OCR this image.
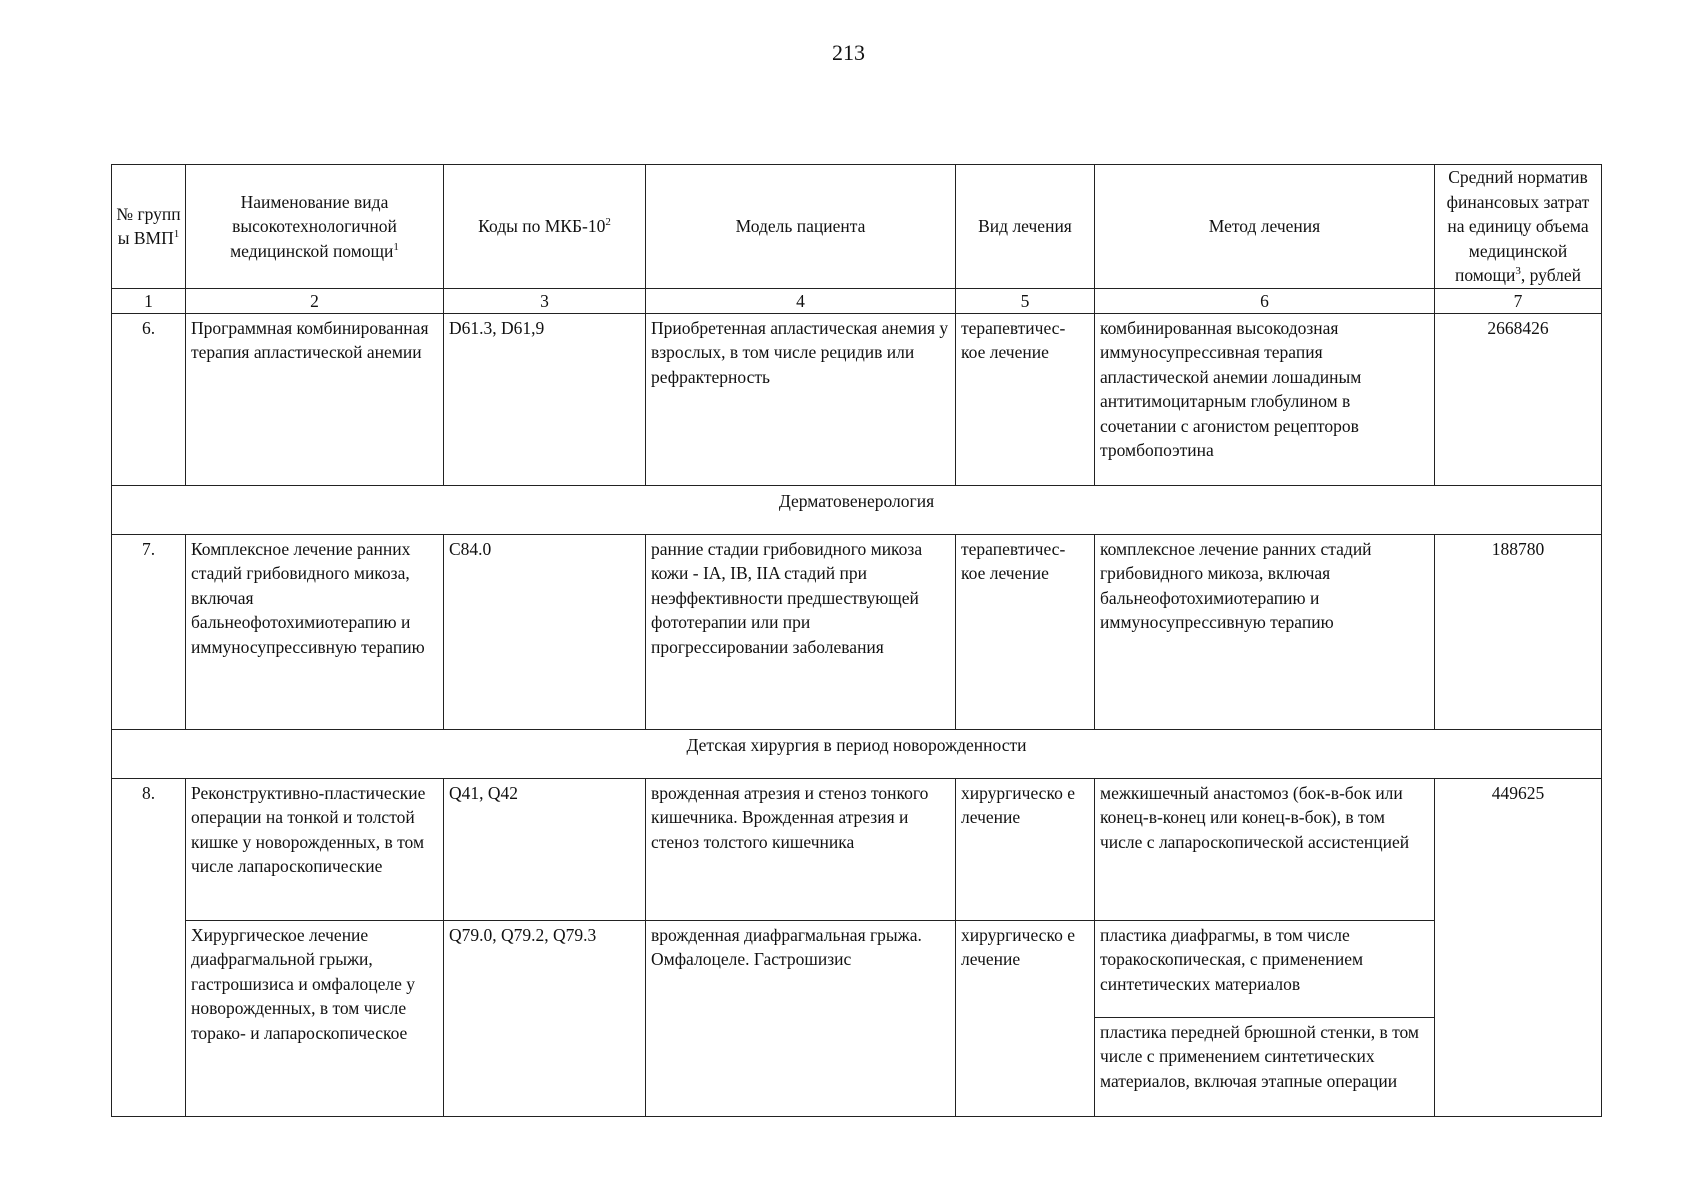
213
№ групп ы ВМП$^1$	Наименование вида высокотехнологичной медицинской помощи$^1$	Коды по МКБ-$10^2$	Модель пациента	Вид лечения	Метод лечения	Средний норматив финансовых затрат на единицу объема медицинской помощи$^3$, рублей
1	2	3	4	5	6	7
6.	Программная комбинированная терапия апластической анемии	D61.3, D61,9	Приобретенная апластическая анемия у взрослых, в том числе рецидив или рефрактерность	терапевтичес-кое лечение	комбинированная высокодозная иммуносупрессивная терапия апластической анемии лошадиным антитимоцитарным глобулином в сочетании с агонистом рецепторов тромбопоэтина	2668426
Дерматовенерология						
7.	Комплексное лечение ранних стадий грибовидного микоза, включая бальнеофотохимиотерапию и иммуносупрессивную терапию	C84.0	ранние стадии грибовидного микоза кожи - IA, IB, IIA стадий при неэффективности предшествующей фототерапии или при прогрессировании заболевания	терапевтичес-кое лечение	комплексное лечение ранних стадий грибовидного микоза, включая бальнеофотохимиотерапию и иммуносупрессивную терапию	188780
Детская хирургия в период новорожденности						
8.	Реконструктивно-пластические операции на тонкой и толстой кишке у новорожденных, в том числе лапароскопические	Q41, Q42	врожденная атрезия и стеноз тонкого кишечника. Врожденная атрезия и стеноз толстого кишечника	хирургическо е лечение	межкишечный анастомоз (бок-в-бок или конец-в-конец или конец-в-бок), в том числе с лапароскопической ассистенцией	449625
	Хирургическое лечение диафрагмальной грыжи, гастрошизиса и омфалоцеле у новорожденных, в том числе торако- и лапароскопическое	Q79.0, Q79.2, Q79.3	врожденная диафрагмальная грыжа. Омфалоцеле. Гастрошизис	хирургическо е лечение	пластика диафрагмы, в том числе торакоскопическая, с применением синтетических материалов	
					пластика передней брюшной стенки, в том числе с применением синтетических материалов, включая этапные операции	
